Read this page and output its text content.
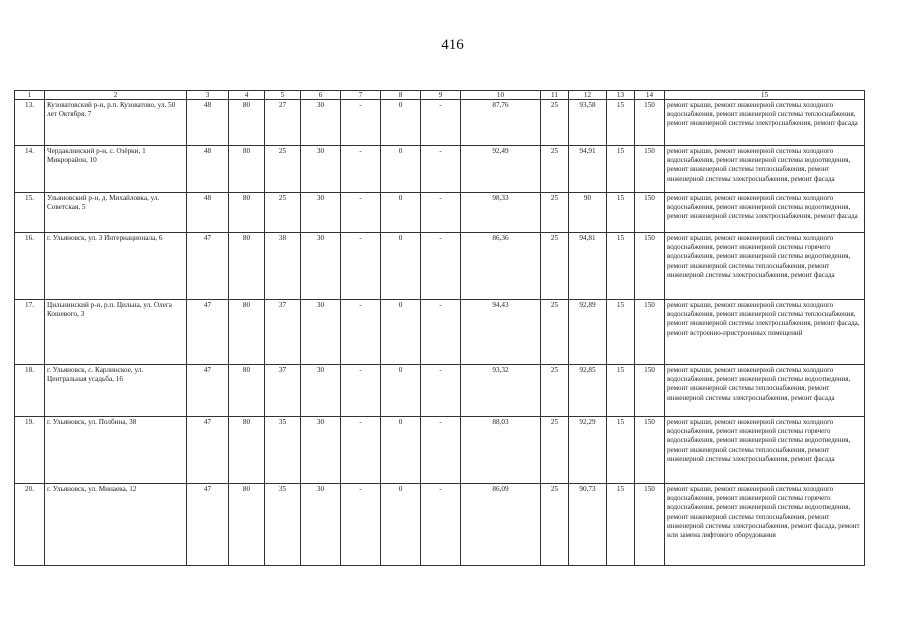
416
1	2	3	4	5	6	7	8	9	10	11	12	13	14	15
13.	Кузоватовский р-н, р.п. Кузоватово, ул. 50 лет Октября, 7	48	80	27	30	-	0	-	87,76	25	93,58	15	150	ремонт крыши, ремонт инженерной системы холодного водоснабжения, ремонт инженерной системы теплоснабжения, ремонт инженерной системы электроснабжения, ремонт фасада
14.	Чердаклинский р-н, с. Озёрки, 1 Микрорайон, 10	48	80	25	30	-	0	-	92,49	25	94,91	15	150	ремонт крыши, ремонт инженерной системы холодного водоснабжения, ремонт инженерной системы водоотведения, ремонт инженерной системы теплоснабжения, ремонт инженерной системы электроснабжения, ремонт фасада
15.	Ульяновский р-н, д. Михайловка, ул. Советская, 5	48	80	25	30	-	0	-	98,33	25	90	15	150	ремонт крыши, ремонт инженерной системы холодного водоснабжения, ремонт инженерной системы водоотведения, ремонт инженерной системы электроснабжения, ремонт фасада
16.	г. Ульяновск, ул. 3 Интернационала, 6	47	80	38	30	-	0	-	86,36	25	94,81	15	150	ремонт крыши, ремонт инженерной системы холодного водоснабжения, ремонт инженерной системы горячего водоснабжения, ремонт инженерной системы водоотведения, ремонт инженерной системы теплоснабжения, ремонт инженерной системы электроснабжения, ремонт фасада
17.	Цильнинский р-н, р.п. Цильна, ул. Олега Кошевого, 3	47	80	37	30	-	0	-	94,43	25	92,89	15	150	ремонт крыши, ремонт инженерной системы холодного водоснабжения, ремонт инженерной системы теплоснабжения, ремонт инженерной системы электроснабжения, ремонт фасада, ремонт встроенно-пристроенных помещений
18.	г. Ульяновск, с. Карлинское, ул. Центральная усадьба, 16	47	80	37	30	-	0	-	93,32	25	92,85	15	150	ремонт крыши, ремонт инженерной системы холодного водоснабжения, ремонт инженерной системы водоотведения, ремонт инженерной системы теплоснабжения, ремонт инженерной системы электроснабжения, ремонт фасада
19.	г. Ульяновск, ул. Полбина, 38	47	80	35	30	-	0	-	88,03	25	92,29	15	150	ремонт крыши, ремонт инженерной системы холодного водоснабжения, ремонт инженерной системы горячего водоснабжения, ремонт инженерной системы водоотведения, ремонт инженерной системы теплоснабжения, ремонт инженерной системы электроснабжения, ремонт фасада
20.	г. Ульяновск, ул. Минаева, 12	47	80	35	30	-	0	-	86,09	25	90,73	15	150	ремонт крыши, ремонт инженерной системы холодного водоснабжения, ремонт инженерной системы горячего водоснабжения, ремонт инженерной системы водоотведения, ремонт инженерной системы теплоснабжения, ремонт инженерной системы электроснабжения, ремонт фасада, ремонт или замена лифтового оборудования
